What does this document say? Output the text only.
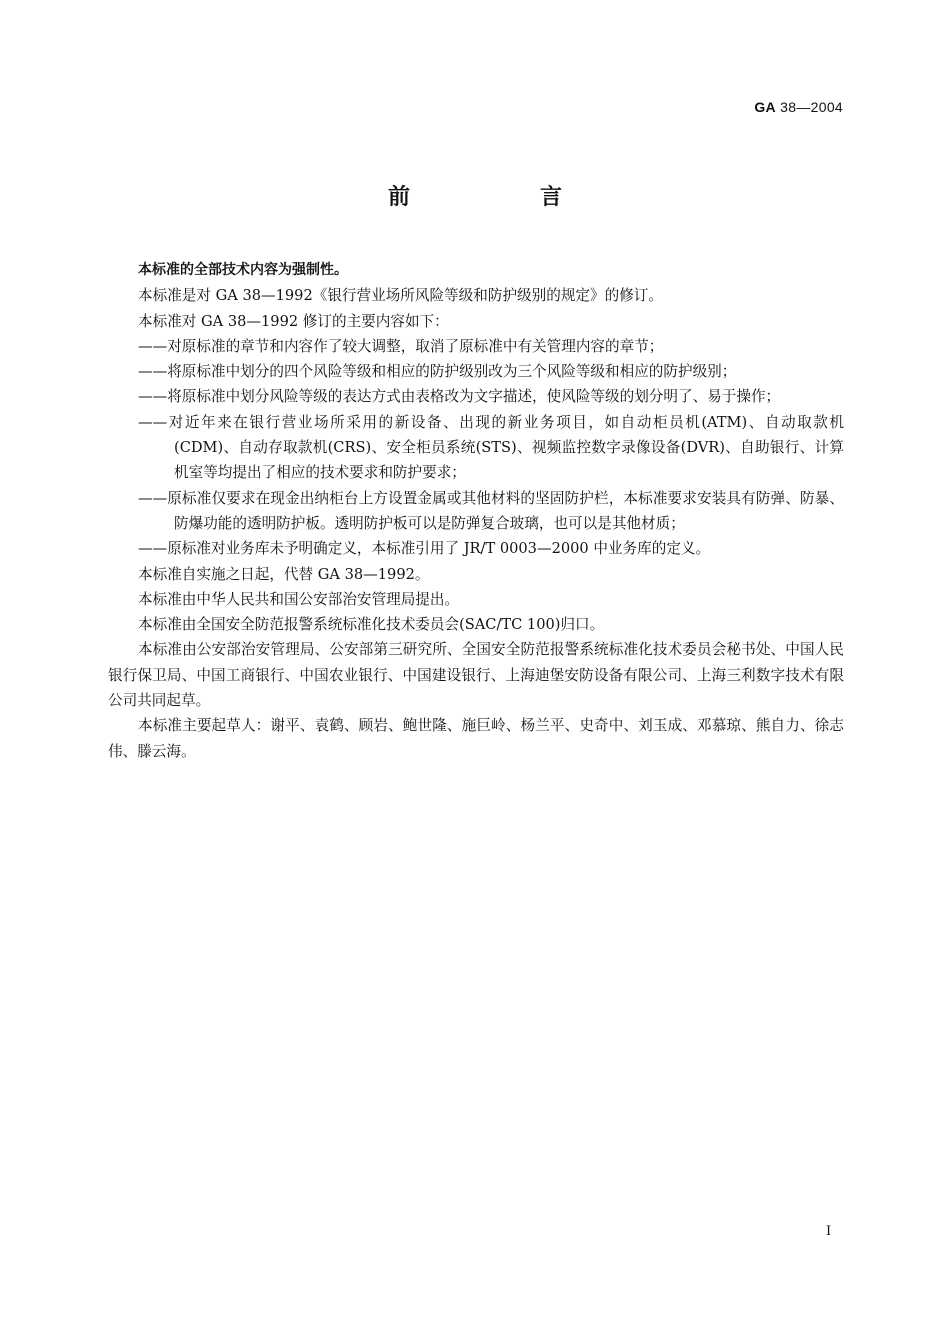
GA 38—2004
前　言

本标准的全部技术内容为强制性。

本标准是对 GA 38—1992《银行营业场所风险等级和防护级别的规定》的修订。

本标准对 GA 38—1992 修订的主要内容如下：

——对原标准的章节和内容作了较大调整，取消了原标准中有关管理内容的章节；

——将原标准中划分的四个风险等级和相应的防护级别改为三个风险等级和相应的防护级别；

——将原标准中划分风险等级的表达方式由表格改为文字描述，使风险等级的划分明了、易于操作；

——对近年来在银行营业场所采用的新设备、出现的新业务项目，如自动柜员机(ATM)、自动取款机(CDM)、自动存取款机(CRS)、安全柜员系统(STS)、视频监控数字录像设备(DVR)、自助银行、计算机室等均提出了相应的技术要求和防护要求；

——原标准仅要求在现金出纳柜台上方设置金属或其他材料的坚固防护栏，本标准要求安装具有防弹、防暴、防爆功能的透明防护板。透明防护板可以是防弹复合玻璃，也可以是其他材质；

——原标准对业务库未予明确定义，本标准引用了 JR/T 0003—2000 中业务库的定义。

本标准自实施之日起，代替 GA 38—1992。

本标准由中华人民共和国公安部治安管理局提出。

本标准由全国安全防范报警系统标准化技术委员会(SAC/TC 100)归口。

本标准由公安部治安管理局、公安部第三研究所、全国安全防范报警系统标准化技术委员会秘书处、中国人民银行保卫局、中国工商银行、中国农业银行、中国建设银行、上海迪堡安防设备有限公司、上海三利数字技术有限公司共同起草。

本标准主要起草人：谢平、袁鹤、顾岩、鲍世隆、施巨岭、杨兰平、史奇中、刘玉成、邓慕琼、熊自力、徐志伟、滕云海。

I
